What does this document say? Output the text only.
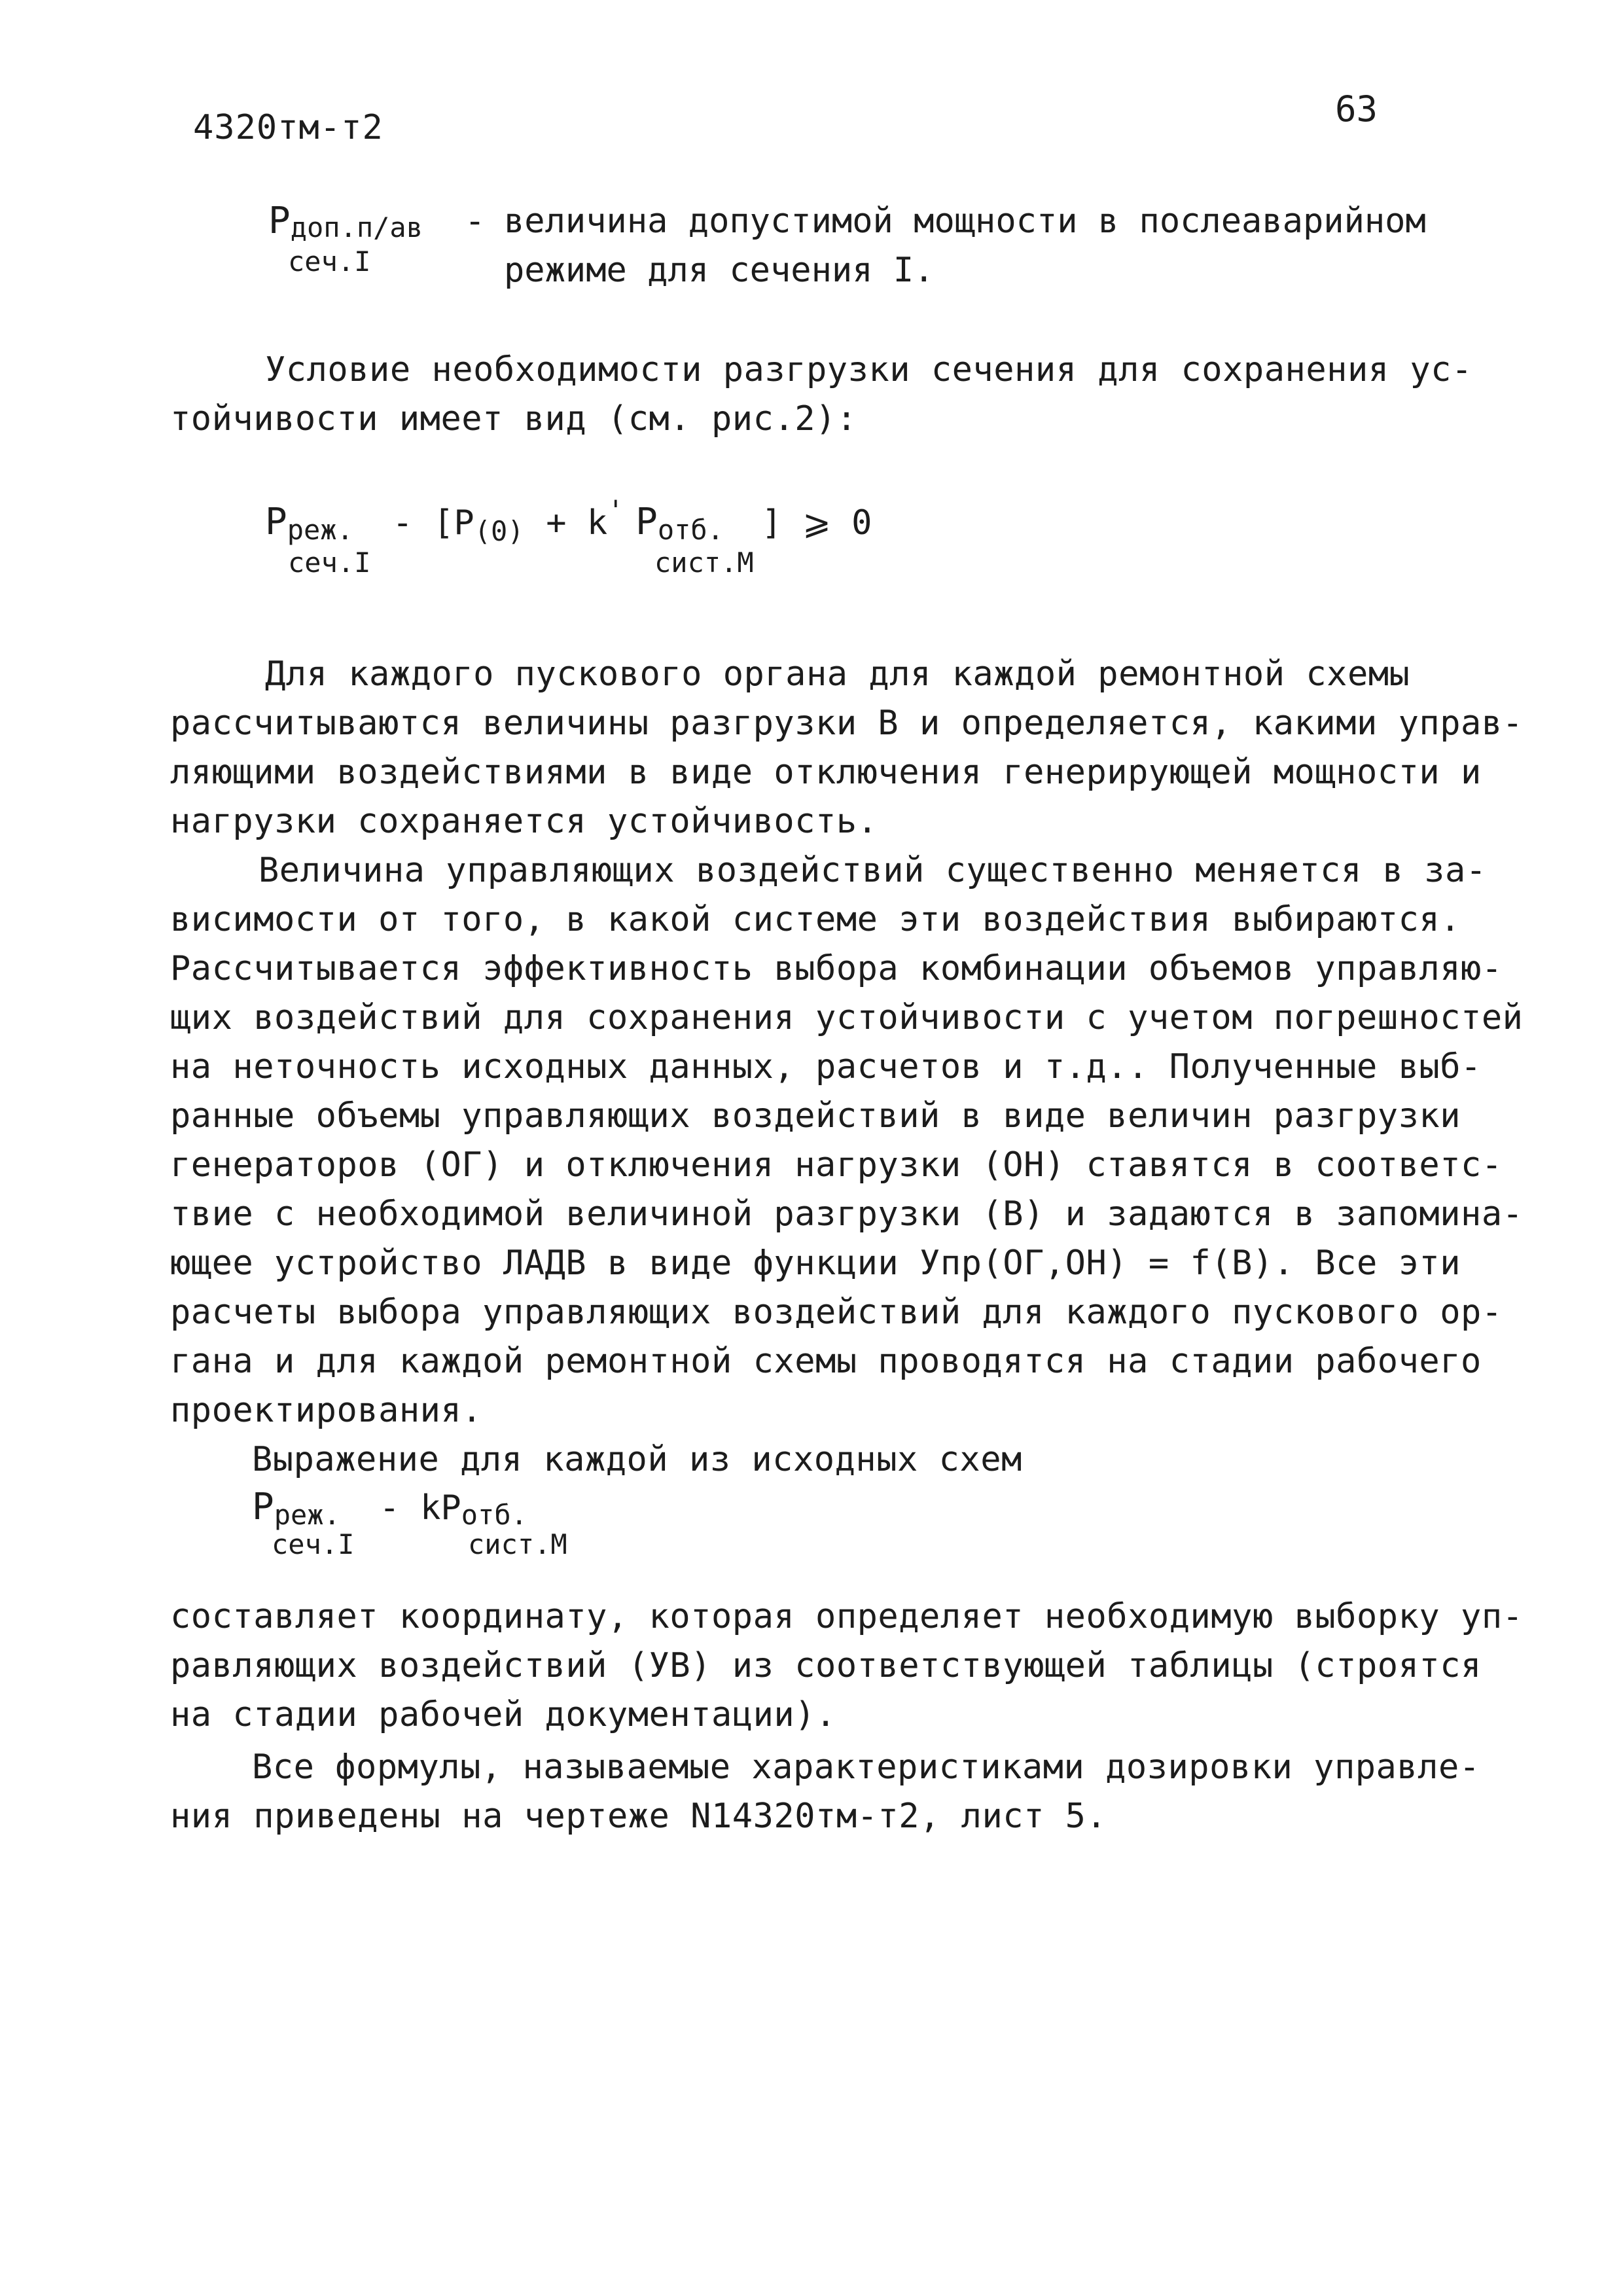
4320тм-т2	63
Рдоп.п/ав
сеч.I
- величина допустимой мощности в послеаварийном
режиме для сечения I.
Условие необходимости разгрузки сечения для сохранения ус-
тойчивости имеет вид (см. рис.2):
Рреж. - [P(0) + k' Pотб. ] ⩾ 0
сеч.I	сист.М
Для каждого пускового органа для каждой ремонтной схемы
рассчитываются величины разгрузки В и определяется, какими управ-
ляющими воздействиями в виде отключения генерирующей мощности и
нагрузки сохраняется устойчивость.
Величина управляющих воздействий существенно меняется в за-
висимости от того, в какой системе эти воздействия выбираются.
Рассчитывается эффективность выбора комбинации объемов управляю-
щих воздействий для сохранения устойчивости с учетом погрешностей
на неточность исходных данных, расчетов и т.д.. Полученные выб-
ранные объемы управляющих воздействий в виде величин разгрузки
генераторов (ОГ) и отключения нагрузки (ОН) ставятся в соответс-
твие с необходимой величиной разгрузки (В) и задаются в запомина-
ющее устройство ЛАДВ в виде функции Упр(ОГ,ОН) = f(В). Все эти
расчеты выбора управляющих воздействий для каждого пускового ор-
гана и для каждой ремонтной схемы проводятся на стадии рабочего
проектирования.
Выражение для каждой из исходных схем
Рреж. - kPотб.
сеч.I	сист.М
составляет координату, которая определяет необходимую выборку уп-
равляющих воздействий (УВ) из соответствующей таблицы (строятся
на стадии рабочей документации).
Все формулы, называемые характеристиками дозировки управле-
ния приведены на чертеже N14320тм-т2, лист 5.
